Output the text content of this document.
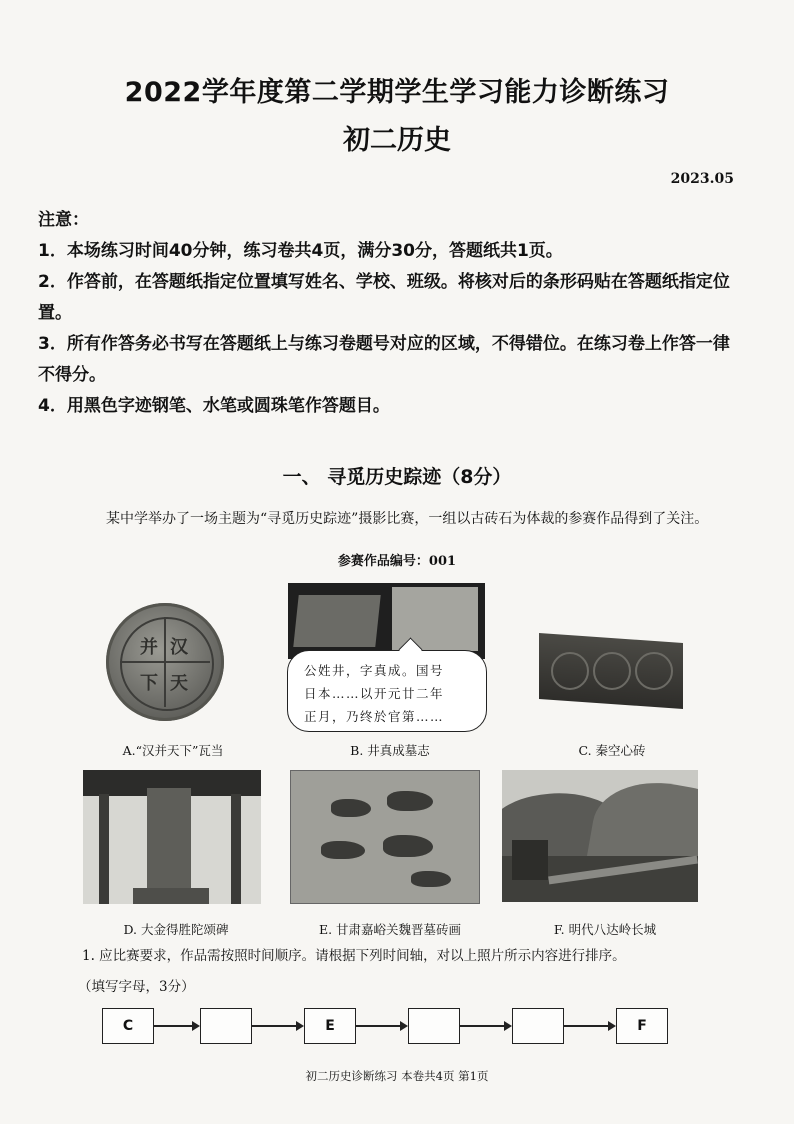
2022学年度第二学期学生学习能力诊断练习
初二历史
2023.05
注意：
1．本场练习时间40分钟，练习卷共4页，满分30分，答题纸共1页。
2．作答前，在答题纸指定位置填写姓名、学校、班级。将核对后的条形码贴在答题纸指定位置。
3．所有作答务必书写在答题纸上与练习卷题号对应的区域，不得错位。在练习卷上作答一律不得分。
4．用黑色字迹钢笔、水笔或圆珠笔作答题目。
一、 寻觅历史踪迹（8分）
某中学举办了一场主题为“寻觅历史踪迹”摄影比赛，一组以古砖石为体裁的参赛作品得到了关注。
参赛作品编号：001
汉
并
天
下
A.“汉并天下”瓦当
公姓井，字真成。国号
日本……以开元廿二年
正月，乃终於官第……
B. 井真成墓志	C. 秦空心砖
D. 大金得胜陀颂碑	E. 甘肃嘉峪关魏晋墓砖画	F. 明代八达岭长城
1. 应比赛要求，作品需按照时间顺序。请根据下列时间轴，对以上照片所示内容进行排序。
（填写字母，3分）
C	E	F
初二历史诊断练习 本卷共4页 第1页
